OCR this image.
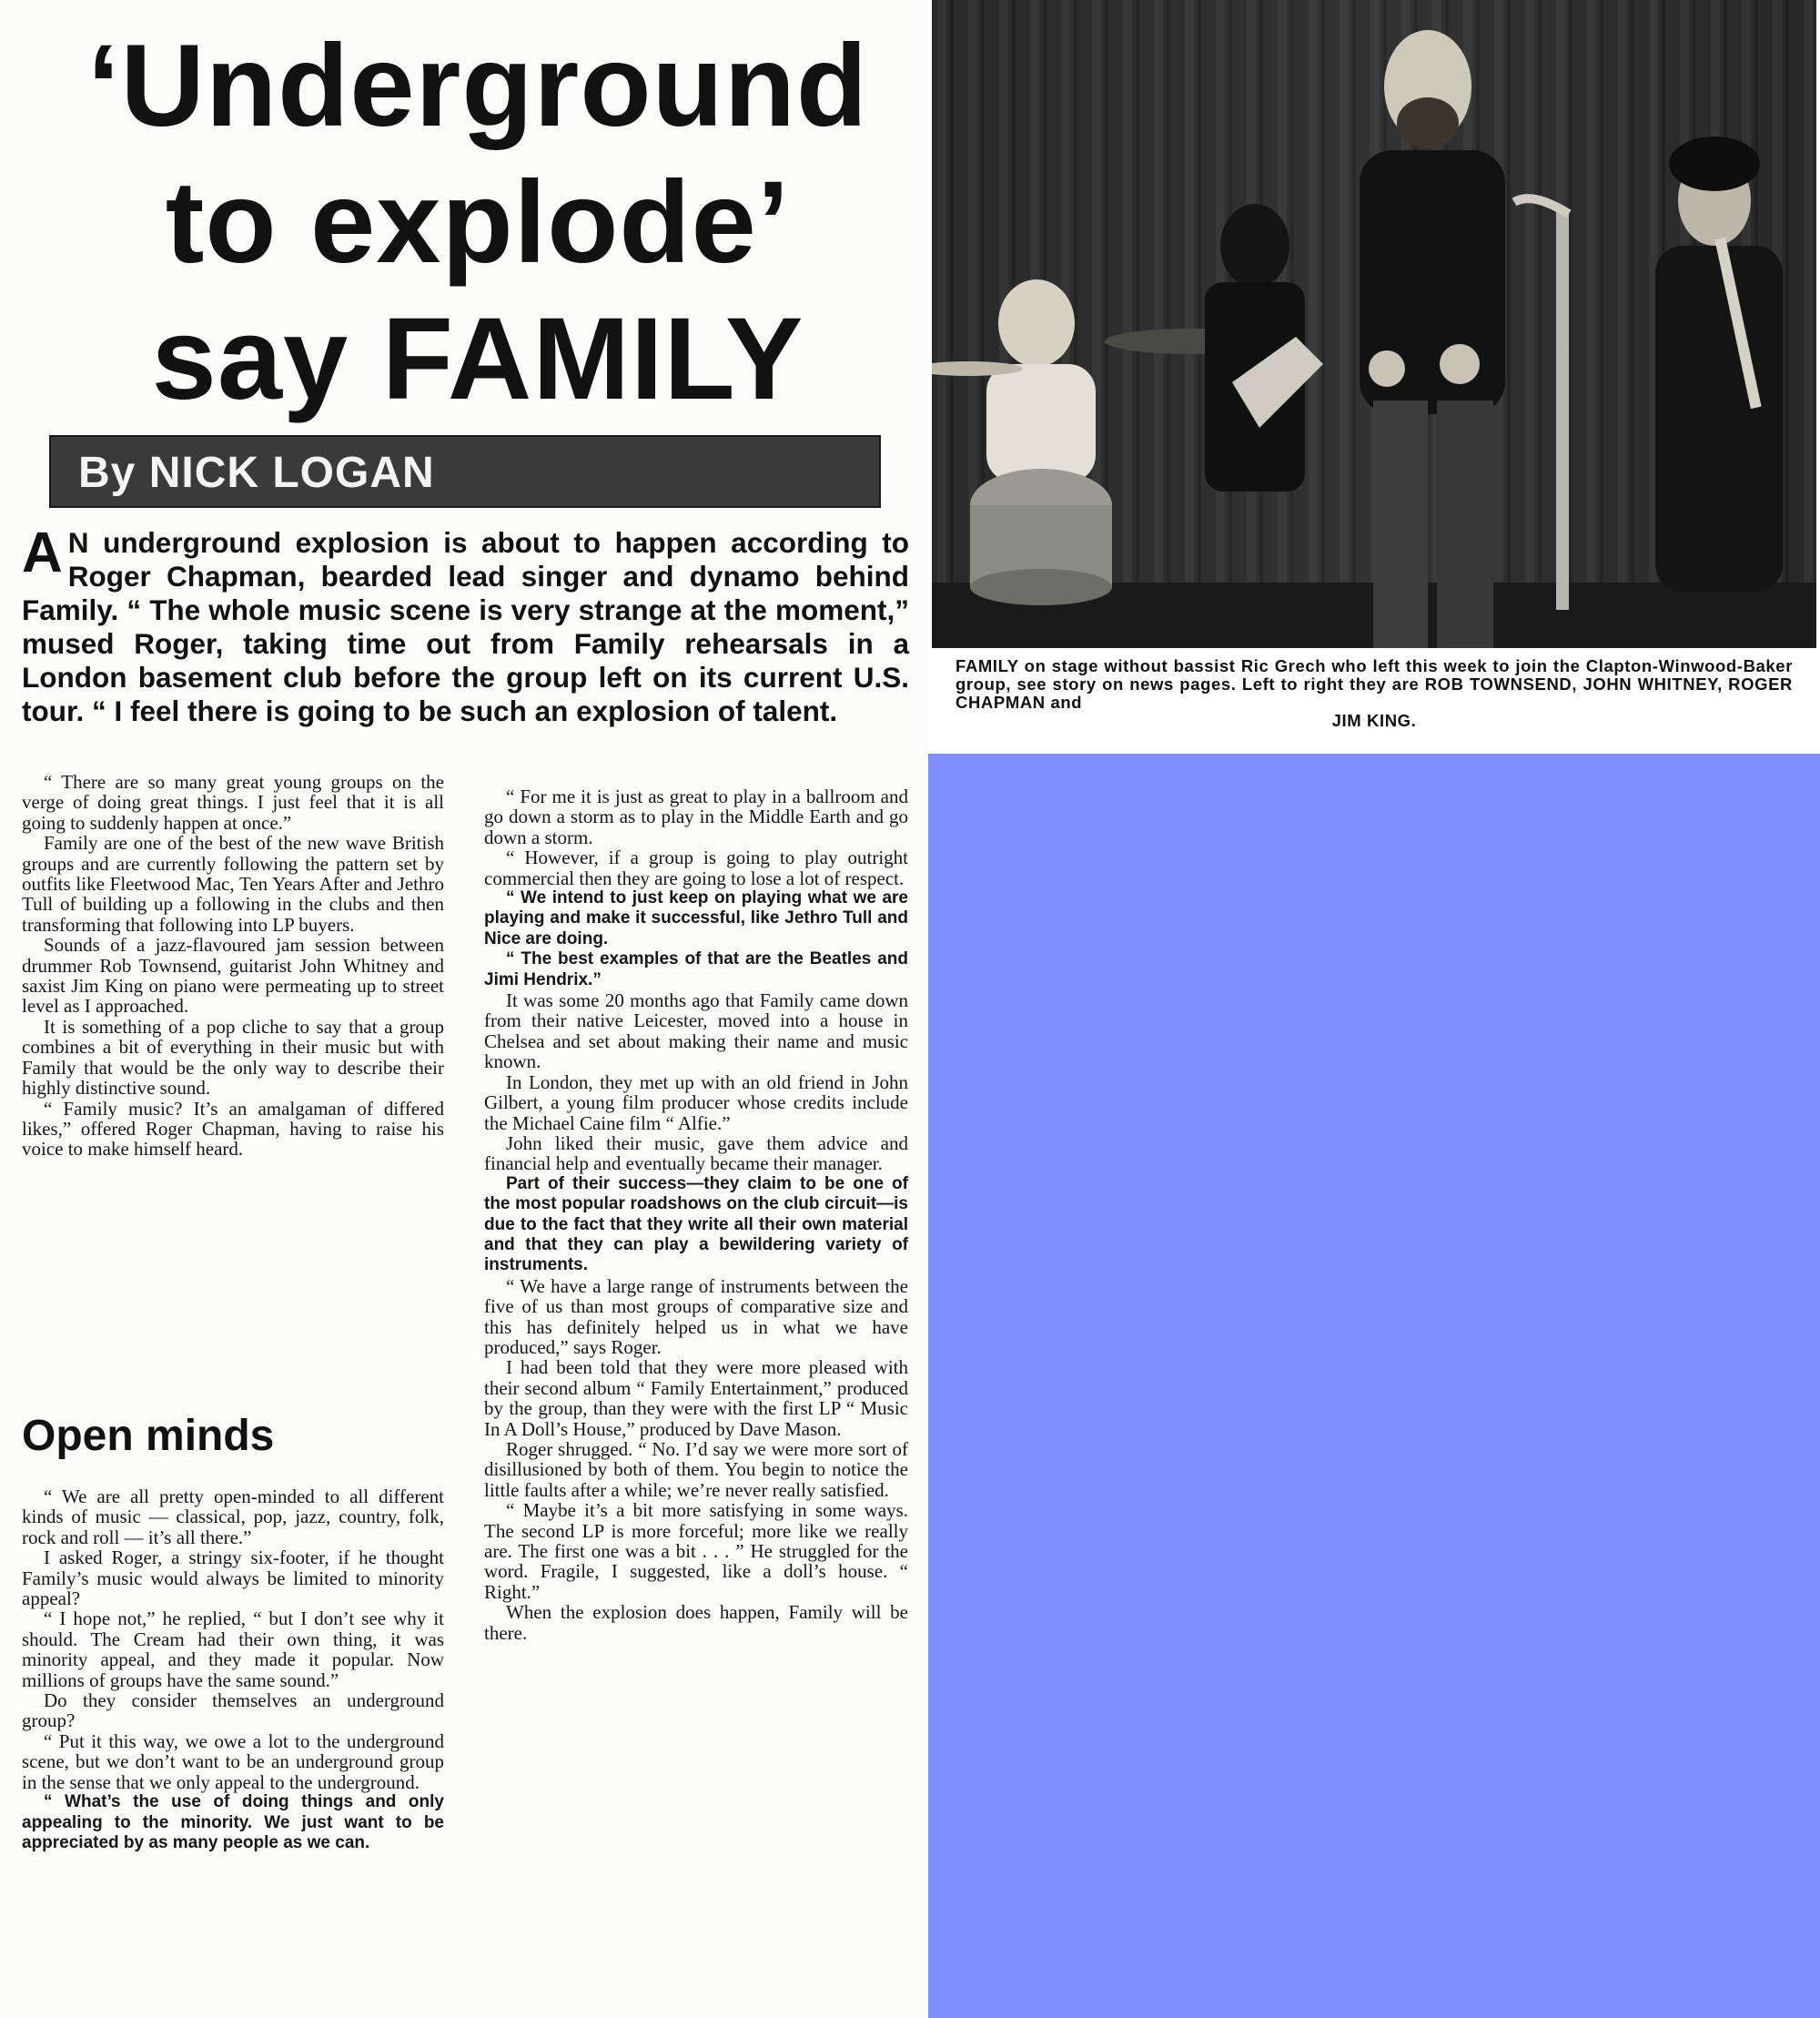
‘Underground
to explode’
say FAMILY
By NICK LOGAN
A N underground explosion is about to happen according to Roger Chapman, bearded lead singer and dynamo behind Family. “ The whole music scene is very strange at the moment,” mused Roger, taking time out from Family rehearsals in a London basement club before the group left on its current U.S. tour. “ I feel there is going to be such an explosion of talent.

“ There are so many great young groups on the verge of doing great things. I just feel that it is all going to suddenly happen at once.”

Family are one of the best of the new wave British groups and are currently following the pattern set by outfits like Fleetwood Mac, Ten Years After and Jethro Tull of building up a following in the clubs and then transforming that following into LP buyers.

Sounds of a jazz-flavoured jam session between drummer Rob Townsend, guitarist John Whitney and saxist Jim King on piano were permeating up to street level as I approached.

It is something of a pop cliche to say that a group combines a bit of everything in their music but with Family that would be the only way to describe their highly distinctive sound.

“ Family music? It’s an amalgaman of differed likes,” offered Roger Chapman, having to raise his voice to make himself heard.

Open minds

“ We are all pretty open-minded to all different kinds of music — classical, pop, jazz, country, folk, rock and roll — it’s all there.”

I asked Roger, a stringy six-footer, if he thought Family’s music would always be limited to minority appeal?

“ I hope not,” he replied, “ but I don’t see why it should. The Cream had their own thing, it was minority appeal, and they made it popular. Now millions of groups have the same sound.”

Do they consider themselves an underground group?

“ Put it this way, we owe a lot to the underground scene, but we don’t want to be an underground group in the sense that we only appeal to the underground.

“ What’s the use of doing things and only appealing to the minority. We just want to be appreciated by as many people as we can.

“ For me it is just as great to play in a ballroom and go down a storm as to play in the Middle Earth and go down a storm.

“ However, if a group is going to play outright commercial then they are going to lose a lot of respect.

“ We intend to just keep on playing what we are playing and make it successful, like Jethro Tull and Nice are doing.

“ The best examples of that are the Beatles and Jimi Hendrix.”

It was some 20 months ago that Family came down from their native Leicester, moved into a house in Chelsea and set about making their name and music known.

In London, they met up with an old friend in John Gilbert, a young film producer whose credits include the Michael Caine film “ Alfie.”

John liked their music, gave them advice and financial help and eventually became their manager.

Part of their success—they claim to be one of the most popular roadshows on the club circuit—is due to the fact that they write all their own material and that they can play a bewildering variety of instruments.

“ We have a large range of instruments between the five of us than most groups of comparative size and this has definitely helped us in what we have produced,” says Roger.

I had been told that they were more pleased with their second album “ Family Entertainment,” produced by the group, than they were with the first LP “ Music In A Doll’s House,” produced by Dave Mason.

Roger shrugged. “ No. I’d say we were more sort of disillusioned by both of them. You begin to notice the little faults after a while; we’re never really satisfied.

“ Maybe it’s a bit more satisfying in some ways. The second LP is more forceful; more like we really are. The first one was a bit . . . ” He struggled for the word. Fragile, I suggested, like a doll’s house. “ Right.”

When the explosion does happen, Family will be there.

FAMILY on stage without bassist Ric Grech who left this week to join the Clapton-Winwood-Baker group, see story on news pages. Left to right they are ROB TOWNSEND, JOHN WHITNEY, ROGER CHAPMAN and
JIM KING.
